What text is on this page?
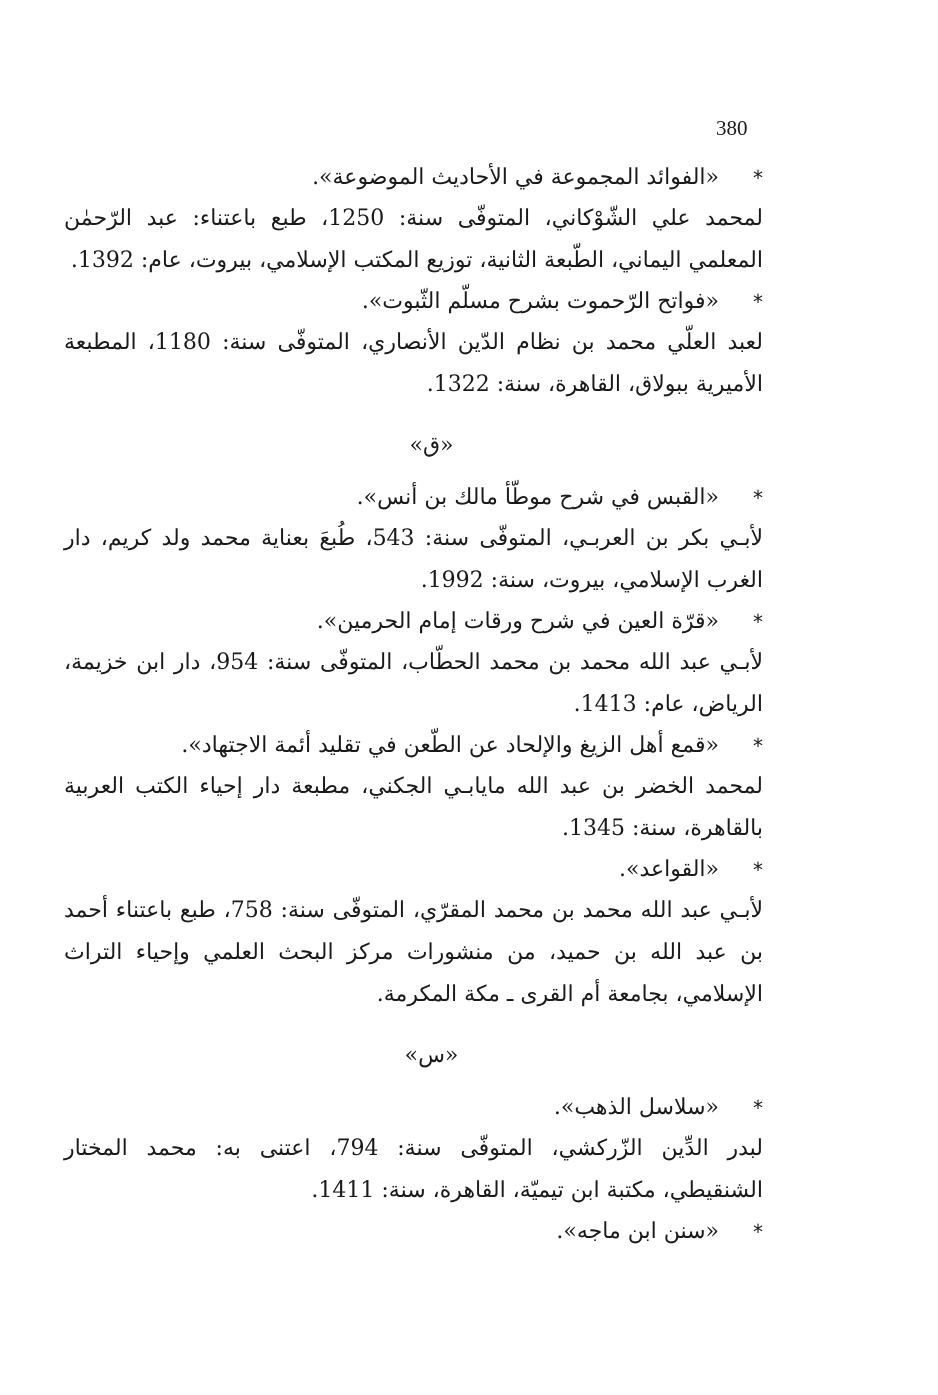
380
*
«الفوائد المجموعة في الأحاديث الموضوعة».
لمحمد علي الشّوْكاني، المتوفّى سنة: 1250، طبع باعتناء: عبد الرّحمٰن المعلمي اليماني، الطّبعة الثانية، توزيع المكتب الإسلامي، بيروت، عام: 1392.
*
«فواتح الرّحموت بشرح مسلّم الثّبوت».
لعبد العلّي محمد بن نظام الدّين الأنصاري، المتوفّى سنة: 1180، المطبعة الأميرية ببولاق، القاهرة، سنة: 1322.
«ق»
*
«القبس في شرح موطّأ مالك بن أنس».
لأبـي بكر بن العربـي، المتوفّى سنة: 543، طُبعَ بعناية محمد ولد كريم، دار الغرب الإسلامي، بيروت، سنة: 1992.
*
«قرّة العين في شرح ورقات إمام الحرمين».
لأبـي عبد الله محمد بن محمد الحطّاب، المتوفّى سنة: 954، دار ابن خزيمة، الرياض، عام: 1413.
*
«قمع أهل الزيغ والإلحاد عن الطّعن في تقليد أئمة الاجتهاد».
لمحمد الخضر بن عبد الله مايابـي الجكني، مطبعة دار إحياء الكتب العربية بالقاهرة، سنة: 1345.
*
«القواعد».
لأبـي عبد الله محمد بن محمد المقرّي، المتوفّى سنة: 758، طبع باعتناء أحمد بن عبد الله بن حميد، من منشورات مركز البحث العلمي وإحياء التراث الإسلامي، بجامعة أم القرى ـ مكة المكرمة.
«س»
*
«سلاسل الذهب».
لبدر الدِّين الزّركشي، المتوفّى سنة: 794، اعتنى به: محمد المختار الشنقيطي، مكتبة ابن تيميّة، القاهرة، سنة: 1411.
*
«سنن ابن ماجه».
